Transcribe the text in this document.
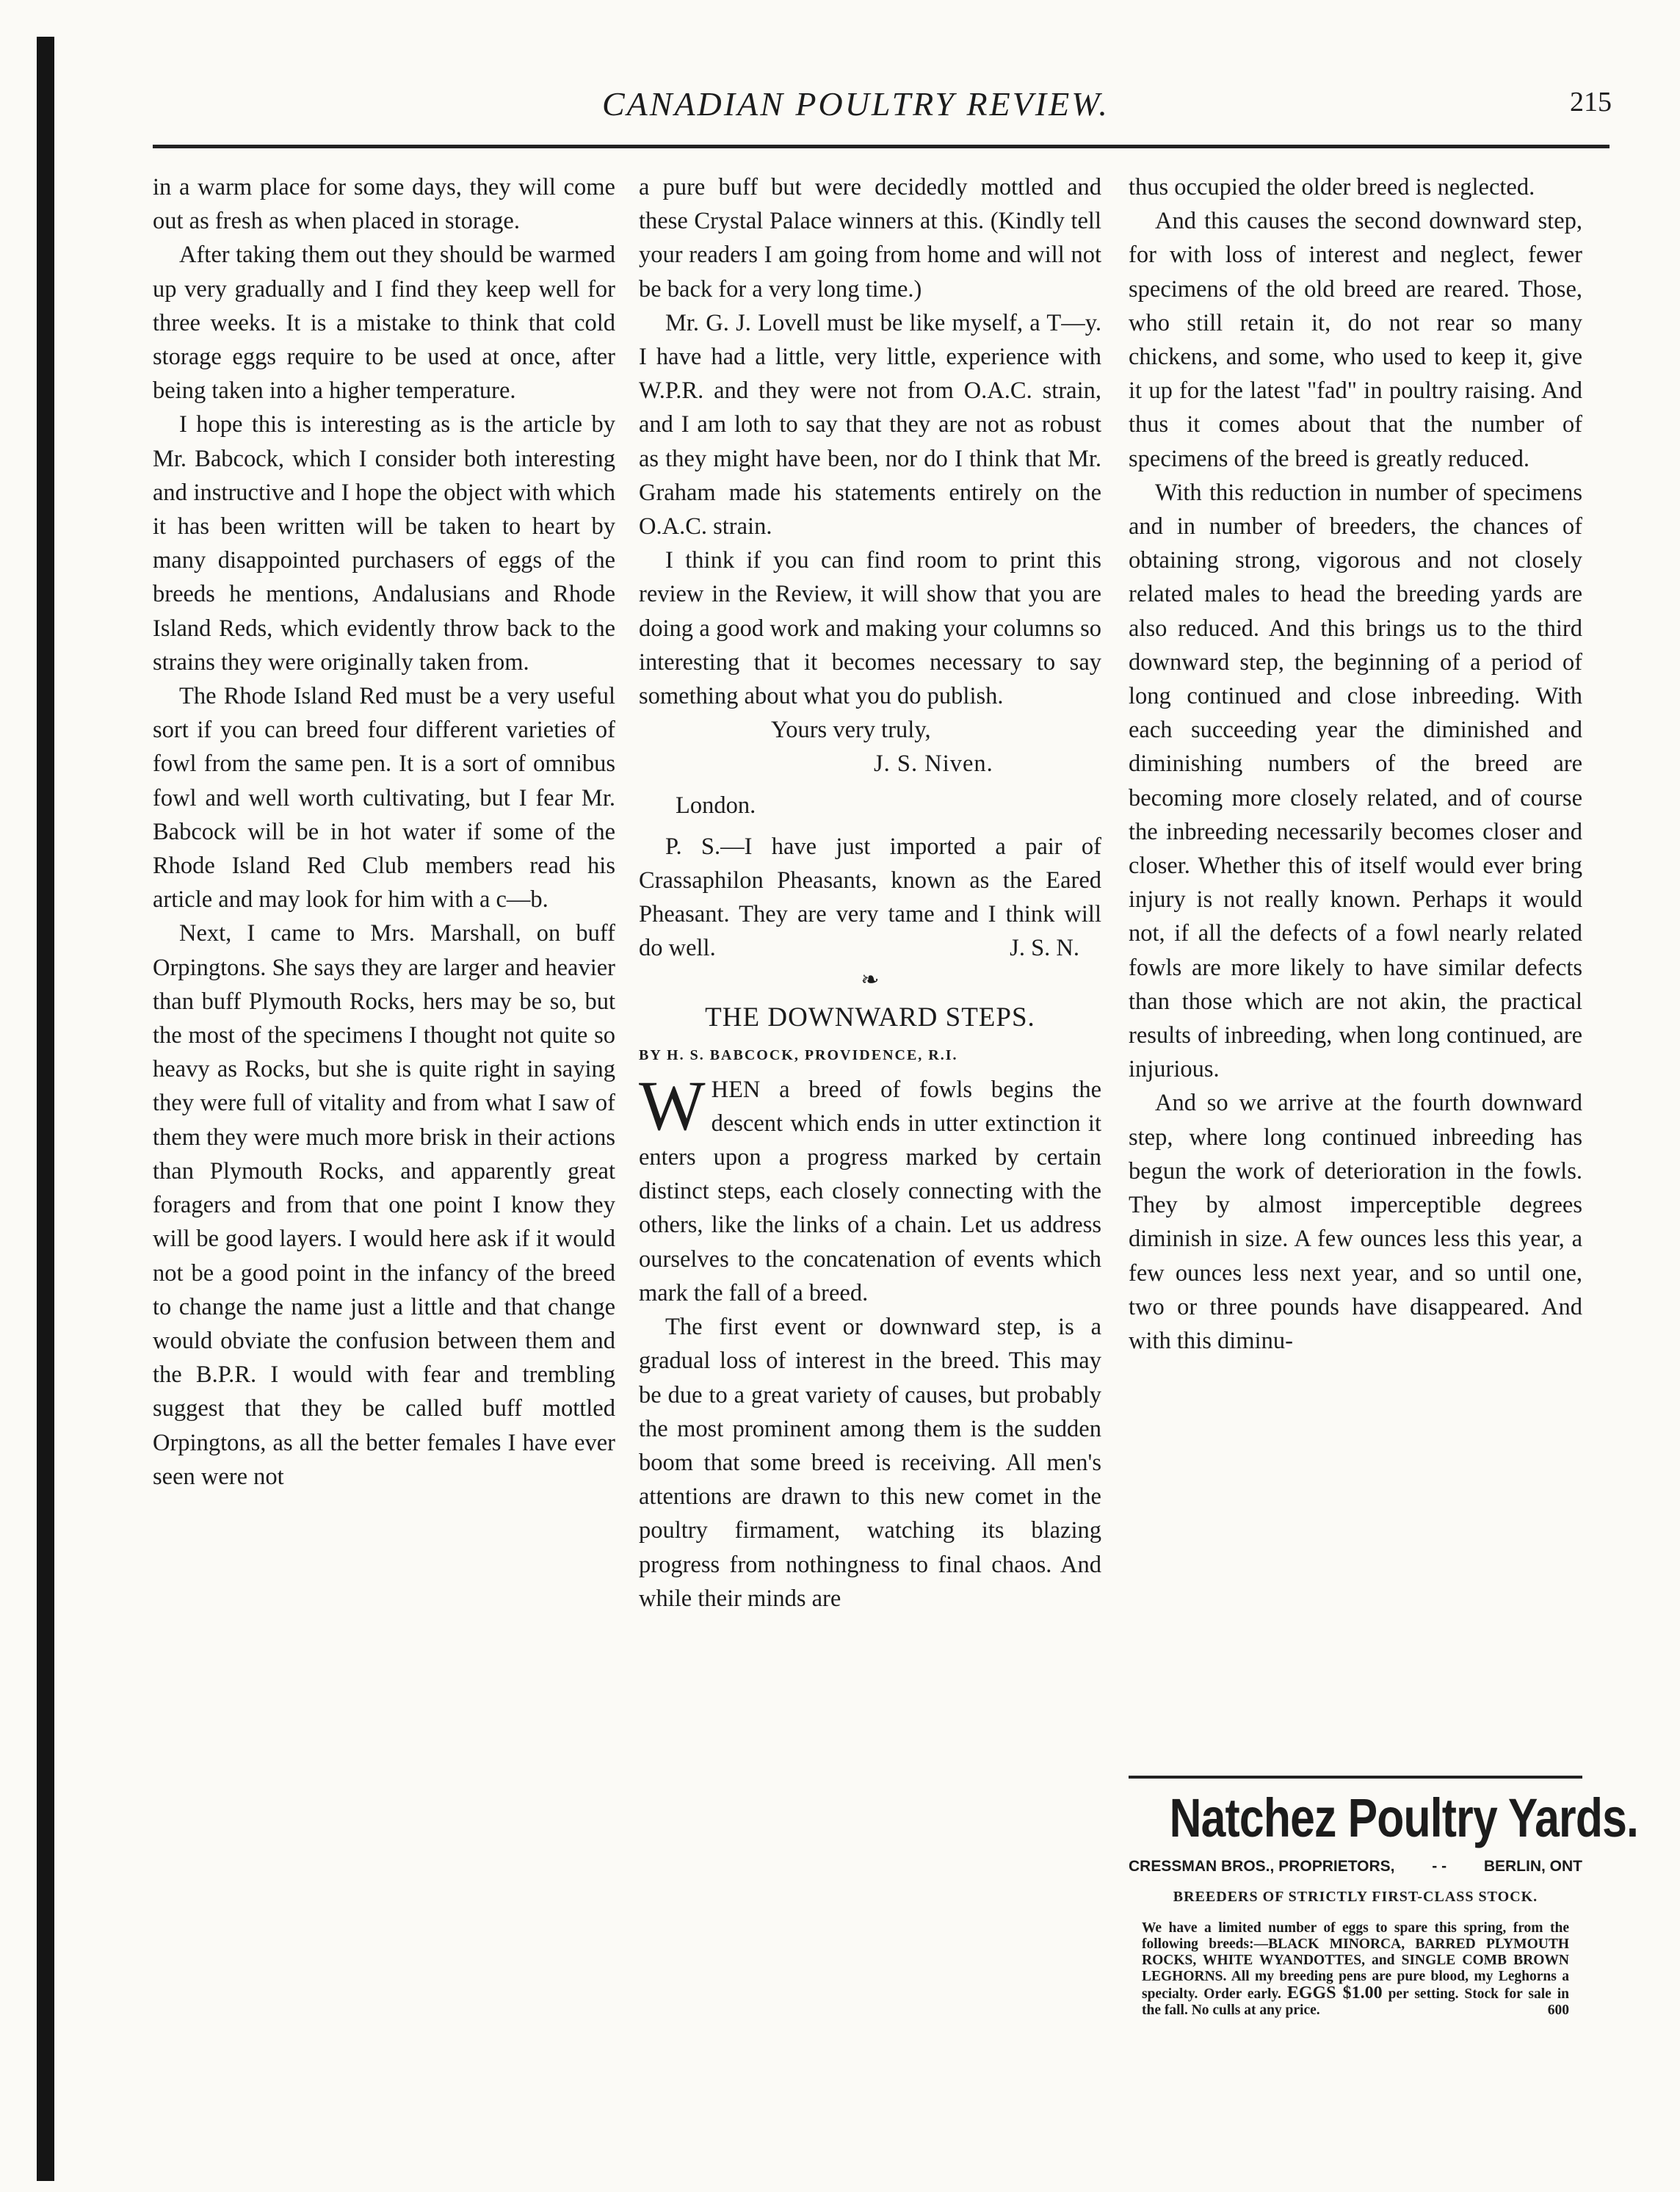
CANADIAN POULTRY REVIEW.	215

in a warm place for some days, they will come out as fresh as when placed in storage.

After taking them out they should be warmed up very gradually and I find they keep well for three weeks. It is a mistake to think that cold storage eggs require to be used at once, after being taken into a higher temperature.

I hope this is interesting as is the article by Mr. Babcock, which I consider both interesting and instructive and I hope the object with which it has been written will be taken to heart by many disappointed purchasers of eggs of the breeds he mentions, Andalusians and Rhode Island Reds, which evidently throw back to the strains they were originally taken from.

The Rhode Island Red must be a very useful sort if you can breed four different varieties of fowl from the same pen. It is a sort of omnibus fowl and well worth cultivating, but I fear Mr. Babcock will be in hot water if some of the Rhode Island Red Club members read his article and may look for him with a c—b.

Next, I came to Mrs. Marshall, on buff Orpingtons. She says they are larger and heavier than buff Plymouth Rocks, hers may be so, but the most of the specimens I thought not quite so heavy as Rocks, but she is quite right in saying they were full of vitality and from what I saw of them they were much more brisk in their actions than Plymouth Rocks, and apparently great foragers and from that one point I know they will be good layers. I would here ask if it would not be a good point in the infancy of the breed to change the name just a little and that change would obviate the confusion between them and the B.P.R. I would with fear and trembling suggest that they be called buff mottled Orpingtons, as all the better females I have ever seen were not

a pure buff but were decidedly mottled and these Crystal Palace winners at this. (Kindly tell your readers I am going from home and will not be back for a very long time.)

Mr. G. J. Lovell must be like myself, a T—y. I have had a little, very little, experience with W.P.R. and they were not from O.A.C. strain, and I am loth to say that they are not as robust as they might have been, nor do I think that Mr. Graham made his statements entirely on the O.A.C. strain.

I think if you can find room to print this review in the Review, it will show that you are doing a good work and making your columns so interesting that it becomes necessary to say something about what you do publish.

Yours very truly,
J. S. Niven.
London.

P. S.—I have just imported a pair of Crassaphilon Pheasants, known as the Eared Pheasant. They are very tame and I think will do well.	J. S. N.

❧
THE DOWNWARD STEPS.
BY H. S. BABCOCK, PROVIDENCE, R.I.

WHEN a breed of fowls begins the descent which ends in utter extinction it enters upon a progress marked by certain distinct steps, each closely connecting with the others, like the links of a chain. Let us address ourselves to the concatenation of events which mark the fall of a breed.

The first event or downward step, is a gradual loss of interest in the breed. This may be due to a great variety of causes, but probably the most prominent among them is the sudden boom that some breed is receiving. All men's attentions are drawn to this new comet in the poultry firmament, watching its blazing progress from nothingness to final chaos. And while their minds are

thus occupied the older breed is neglected.

And this causes the second downward step, for with loss of interest and neglect, fewer specimens of the old breed are reared. Those, who still retain it, do not rear so many chickens, and some, who used to keep it, give it up for the latest "fad" in poultry raising. And thus it comes about that the number of specimens of the breed is greatly reduced.

With this reduction in number of specimens and in number of breeders, the chances of obtaining strong, vigorous and not closely related males to head the breeding yards are also reduced. And this brings us to the third downward step, the beginning of a period of long continued and close inbreeding. With each succeeding year the diminished and diminishing numbers of the breed are becoming more closely related, and of course the inbreeding necessarily becomes closer and closer. Whether this of itself would ever bring injury is not really known. Perhaps it would not, if all the defects of a fowl nearly related fowls are more likely to have similar defects than those which are not akin, the practical results of inbreeding, when long continued, are injurious.

And so we arrive at the fourth downward step, where long continued inbreeding has begun the work of deterioration in the fowls. They by almost imperceptible degrees diminish in size. A few ounces less this year, a few ounces less next year, and so until one, two or three pounds have disappeared. And with this diminu-

Natchez Poultry Yards.
CRESSMAN BROS., PROPRIETORS, - - BERLIN, ONT
BREEDERS OF STRICTLY FIRST-CLASS STOCK.
We have a limited number of eggs to spare this spring, from the following breeds:—BLACK MINORCA, BARRED PLYMOUTH ROCKS, WHITE WYANDOTTES, and SINGLE COMB BROWN LEGHORNS. All my breeding pens are pure blood, my Leghorns a specialty. Order early. EGGS $1.00 per setting. Stock for sale in the fall. No culls at any price.	600
